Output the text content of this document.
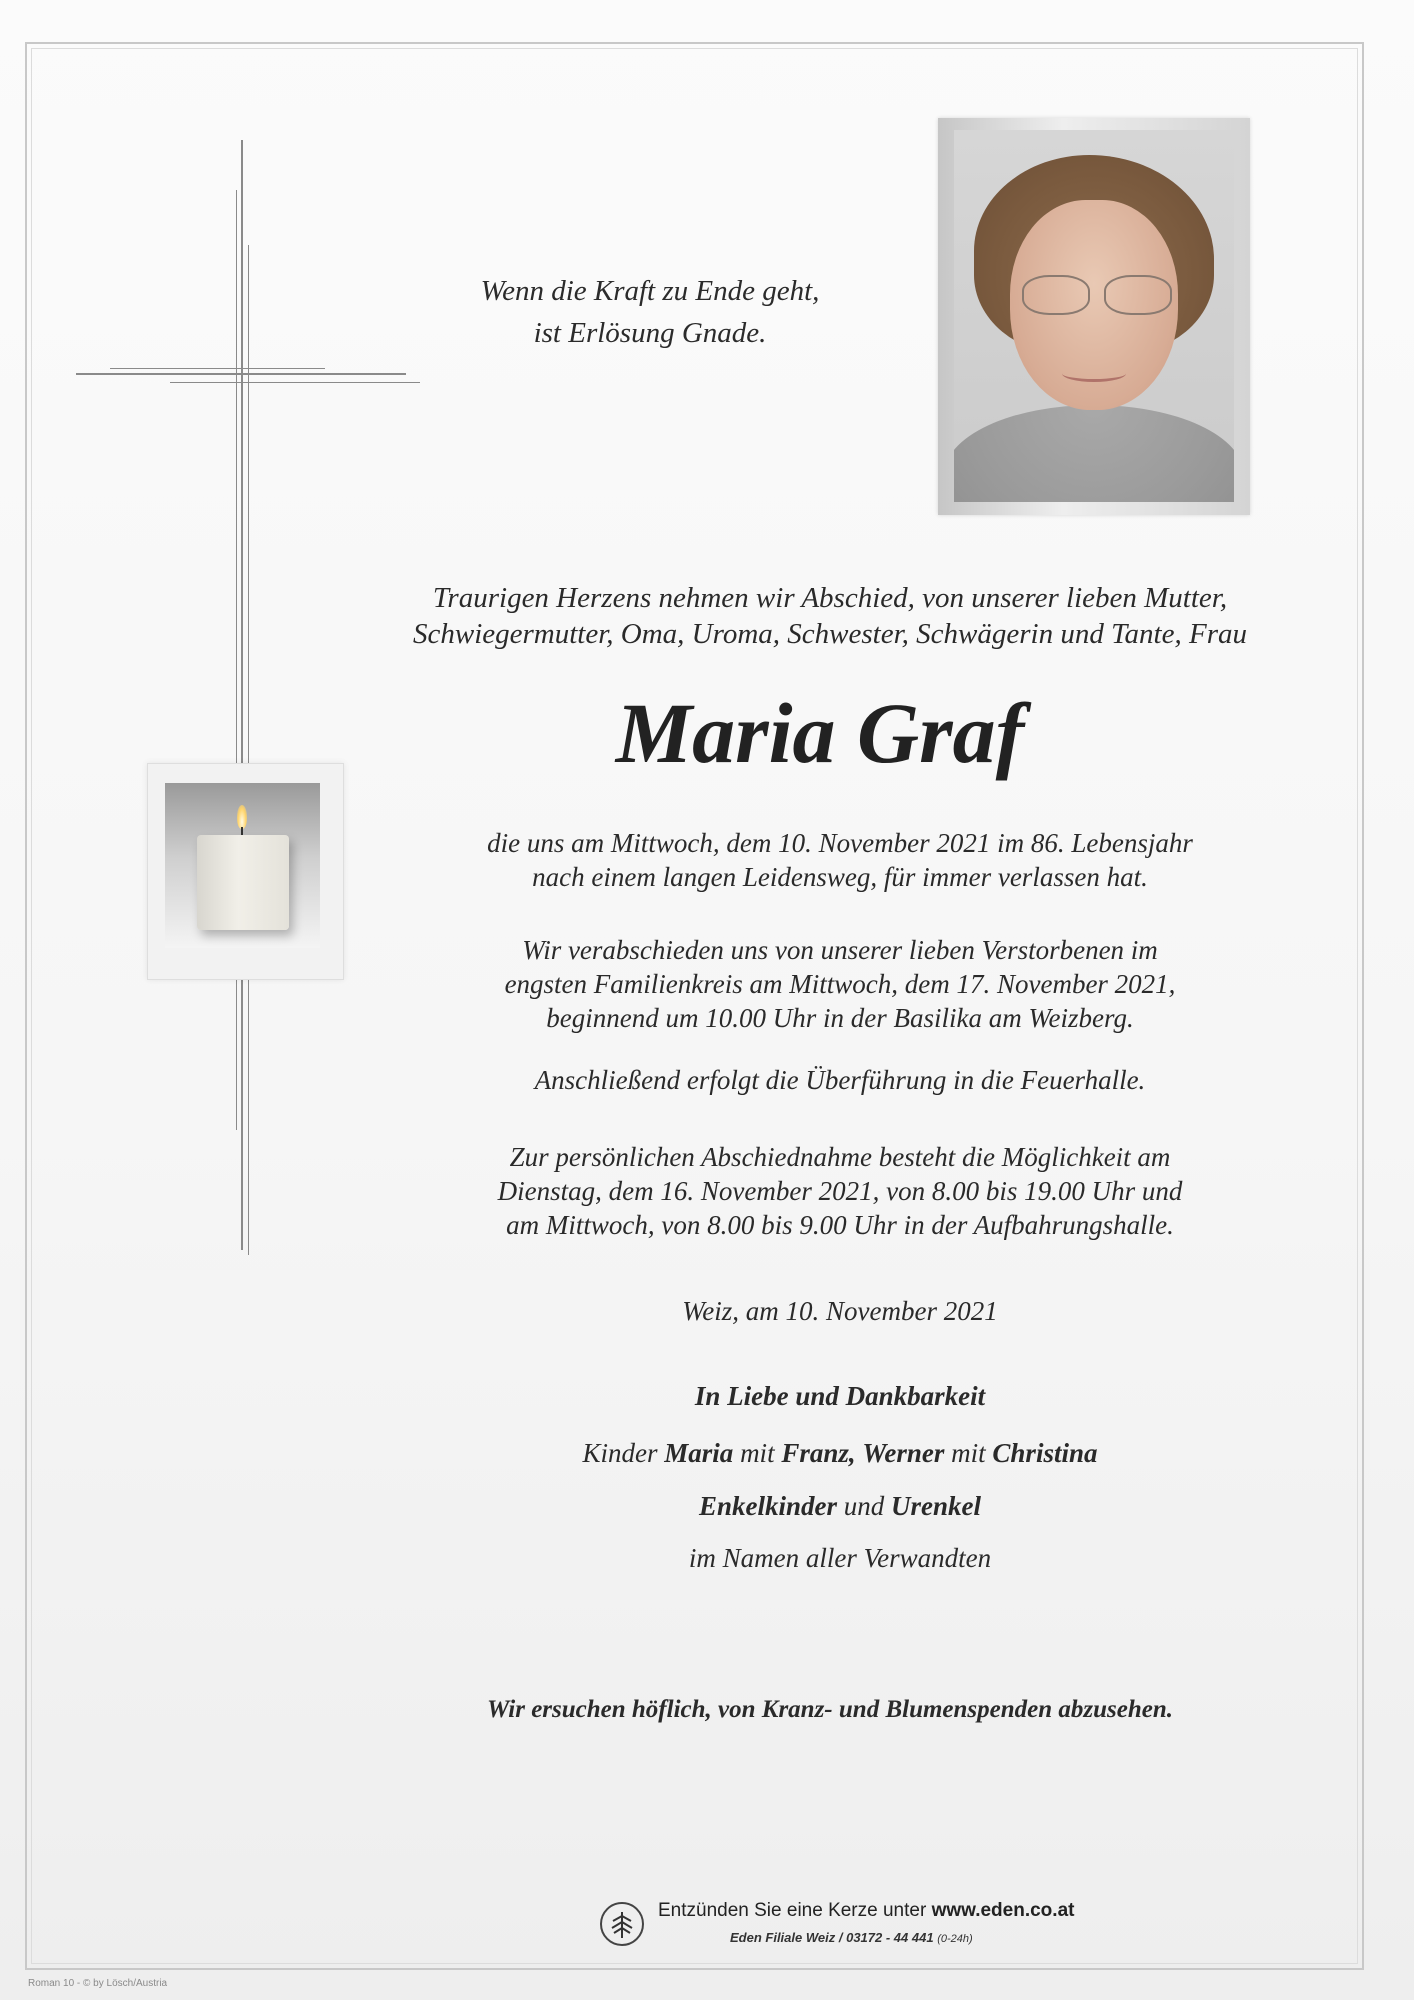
Wenn die Kraft zu Ende geht,
ist Erlösung Gnade.
Traurigen Herzens nehmen wir Abschied, von unserer lieben Mutter,
Schwiegermutter, Oma, Uroma, Schwester, Schwägerin und Tante, Frau
Maria Graf
die uns am Mittwoch, dem 10. November 2021 im 86. Lebensjahr
nach einem langen Leidensweg, für immer verlassen hat.
Wir verabschieden uns von unserer lieben Verstorbenen im
engsten Familienkreis am Mittwoch, dem 17. November 2021,
beginnend um 10.00 Uhr in der Basilika am Weizberg.
Anschließend erfolgt die Überführung in die Feuerhalle.
Zur persönlichen Abschiednahme besteht die Möglichkeit am
Dienstag, dem 16. November 2021, von 8.00 bis 19.00 Uhr und
am Mittwoch, von 8.00 bis 9.00 Uhr in der Aufbahrungshalle.
Weiz, am 10. November 2021
In Liebe und Dankbarkeit
Kinder Maria mit Franz, Werner mit Christina
Enkelkinder und Urenkel
im Namen aller Verwandten
Wir ersuchen höflich, von Kranz- und Blumenspenden abzusehen.
Entzünden Sie eine Kerze unter www.eden.co.at
Eden Filiale Weiz / 03172 - 44 441 (0-24h)
Roman 10 - © by Lösch/Austria
